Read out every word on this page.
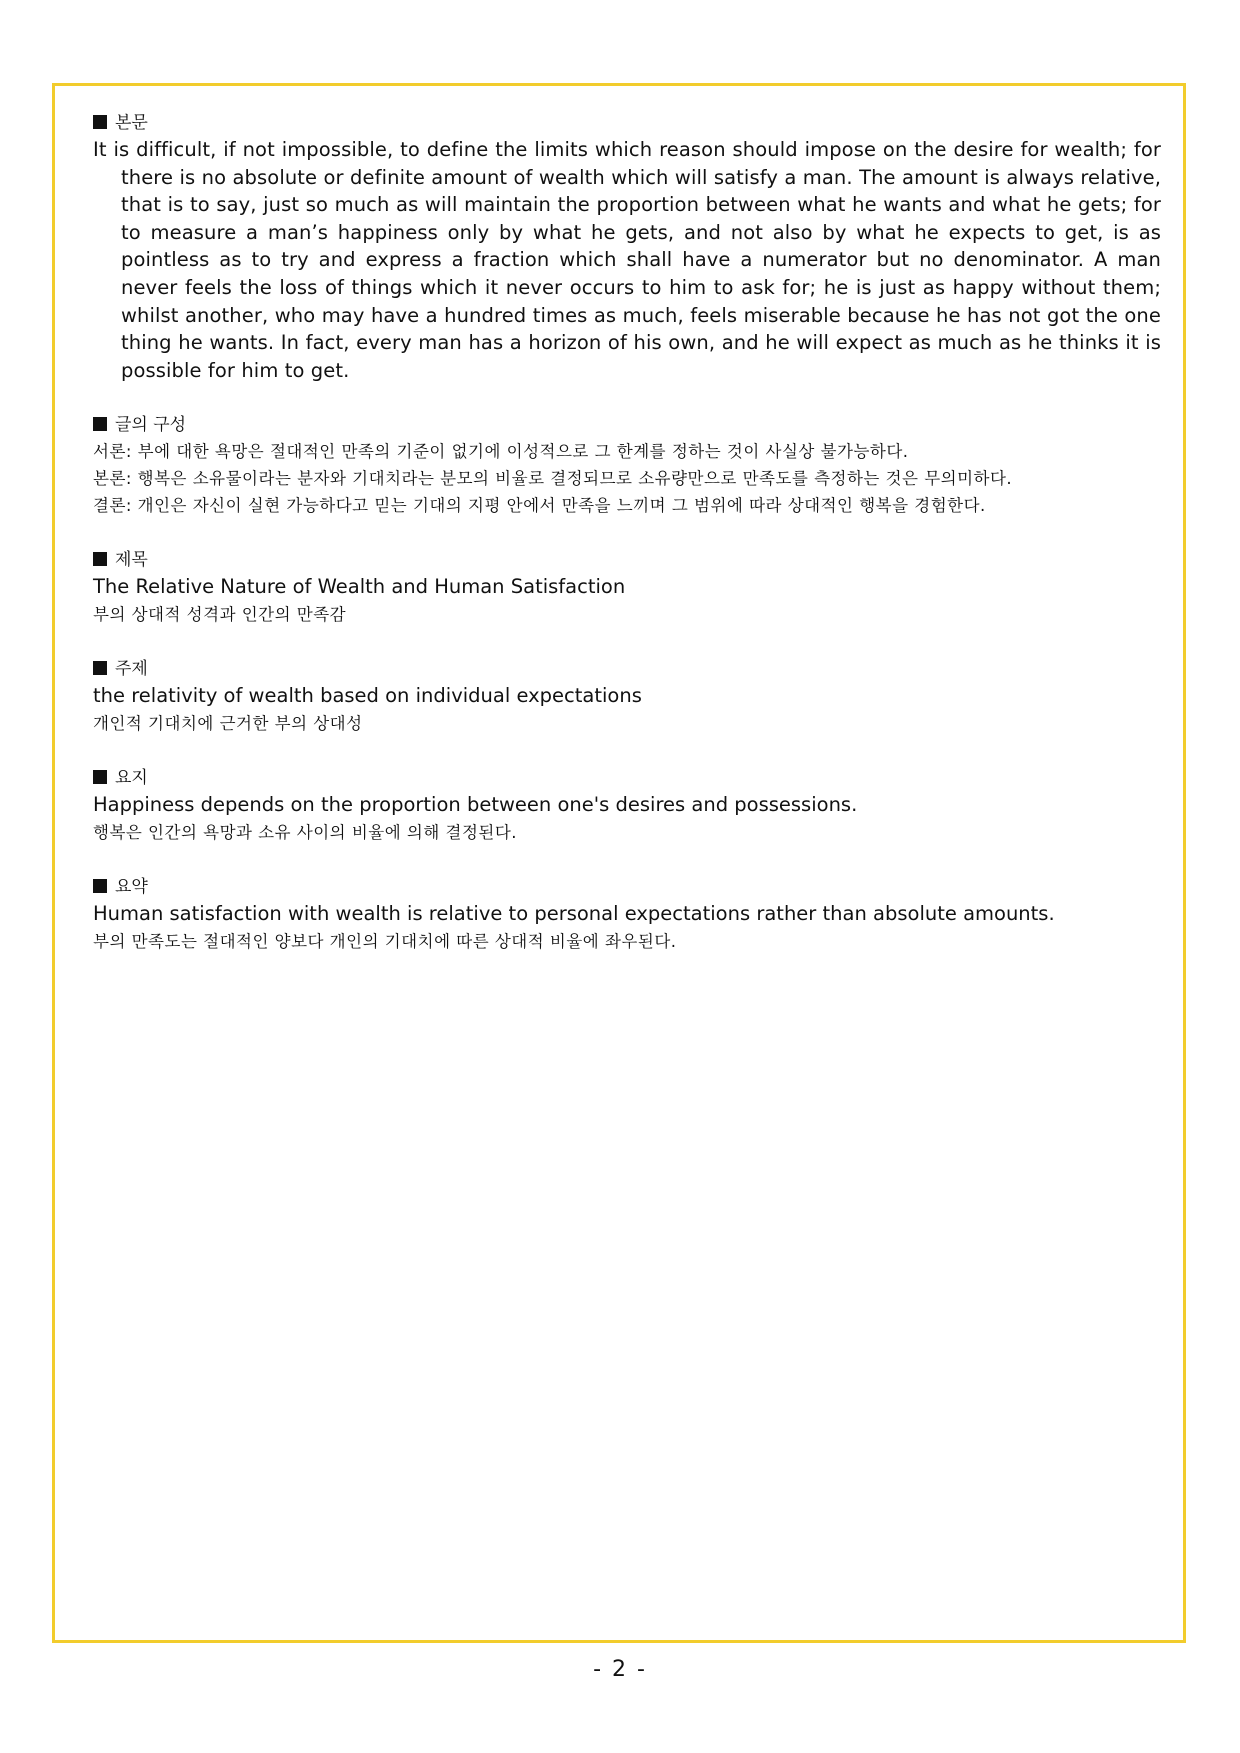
본문
It is difficult, if not impossible, to define the limits which reason should impose on the desire for wealth; for there is no absolute or definite amount of wealth which will satisfy a man. The amount is always relative, that is to say, just so much as will maintain the proportion between what he wants and what he gets; for to measure a man’s happiness only by what he gets, and not also by what he expects to get, is as pointless as to try and express a fraction which shall have a numerator but no denominator. A man never feels the loss of things which it never occurs to him to ask for; he is just as happy without them; whilst another, who may have a hundred times as much, feels miserable because he has not got the one thing he wants. In fact, every man has a horizon of his own, and he will expect as much as he thinks it is possible for him to get.
글의 구성
서론: 부에 대한 욕망은 절대적인 만족의 기준이 없기에 이성적으로 그 한계를 정하는 것이 사실상 불가능하다.
본론: 행복은 소유물이라는 분자와 기대치라는 분모의 비율로 결정되므로 소유량만으로 만족도를 측정하는 것은 무의미하다.
결론: 개인은 자신이 실현 가능하다고 믿는 기대의 지평 안에서 만족을 느끼며 그 범위에 따라 상대적인 행복을 경험한다.
제목
The Relative Nature of Wealth and Human Satisfaction
부의 상대적 성격과 인간의 만족감
주제
the relativity of wealth based on individual expectations
개인적 기대치에 근거한 부의 상대성
요지
Happiness depends on the proportion between one's desires and possessions.
행복은 인간의 욕망과 소유 사이의 비율에 의해 결정된다.
요약
Human satisfaction with wealth is relative to personal expectations rather than absolute amounts.
부의 만족도는 절대적인 양보다 개인의 기대치에 따른 상대적 비율에 좌우된다.
- 2 -
